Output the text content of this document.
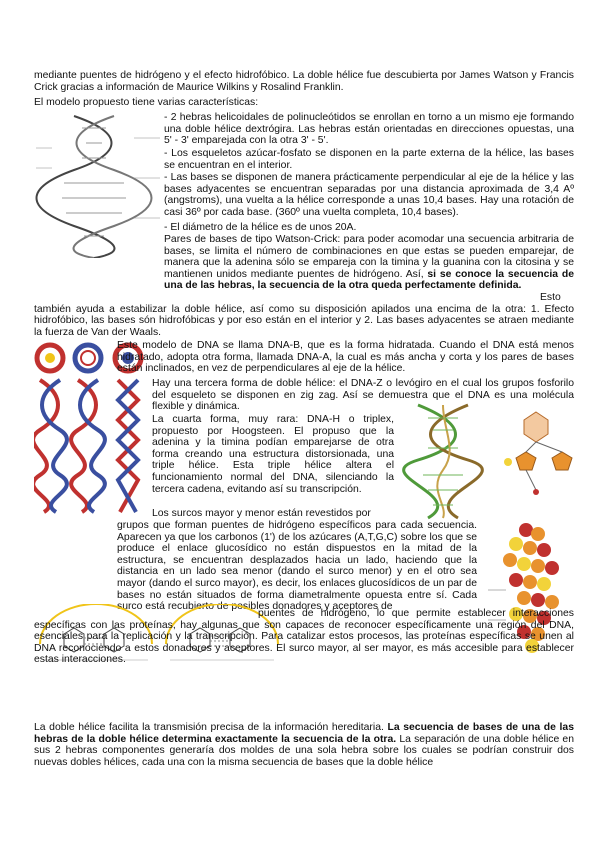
mediante puentes de hidrógeno y el efecto hidrofóbico. La doble hélice fue descubierta por James Watson y Francis Crick gracias a información de Maurice Wilkins y Rosalind Franklin.

El modelo propuesto tiene varias características:

- 2 hebras helicoidales de polinucleótidos se enrollan en torno a un mismo eje formando una doble hélice dextrógira. Las hebras están orientadas en direcciones opuestas, una 5' - 3' emparejada con la otra 3' - 5'.

- Los esqueletos azúcar-fosfato se disponen en la parte externa de la hélice, las bases se encuentran en el interior.

- Las bases se disponen de manera prácticamente perpendicular al eje de la hélice y las bases adyacentes se encuentran separadas por una distancia aproximada de 3,4 Aº (angstroms), una vuelta a la hélice corresponde a unas 10,4 bases. Hay una rotación de casi 36º por cada base. (360º una vuelta completa, 10,4 bases).

- El diámetro de la hélice es de unos 20A.

Pares de bases de tipo Watson-Crick: para poder acomodar una secuencia arbitraria de bases, se limita el número de combinaciones en que estas se pueden emparejar, de manera que la adenina sólo se empareja con la timina y la guanina con la citosina y se mantienen unidos mediante puentes de hidrógeno. Así, si se conoce la secuencia de una de las hebras, la secuencia de la otra queda perfectamente definida.

Esto también ayuda a estabilizar la doble hélice, así como su disposición apilados una encima de la otra: 1. Efecto hidrofóbico, las bases són hidrofóbicas y por eso están en el interior y 2. Las bases adyacentes se atraen mediante la fuerza de Van der Waals.

Este modelo de DNA se llama DNA-B, que es la forma hidratada. Cuando el DNA está menos hidratado, adopta otra forma, llamada DNA-A, la cual es más ancha y corta y los pares de bases están inclinados, en vez de perpendiculares al eje de la hélice.

Hay una tercera forma de doble hélice: el DNA-Z o levógiro en el cual los grupos fosforilo del esqueleto se disponen en zig zag. Así se demuestra que el DNA es una molécula flexible y dinámica.

La cuarta forma, muy rara: DNA-H o triplex, propuesto por Hoogsteen. El propuso que la adenina y la timina podían emparejarse de otra forma creando una estructura distorsionada, una triple hélice. Esta triple hélice altera el funcionamiento normal del DNA, silenciando la tercera cadena, evitando así su transcripción.

Los surcos mayor y menor están revestidos por

grupos que forman puentes de hidrógeno específicos para cada secuencia. Aparecen ya que los carbonos (1') de los azúcares (A,T,G,C) sobre los que se produce el enlace glucosídico no están dispuestos en la mitad de la estructura, se encuentran desplazados hacia un lado, haciendo que la distancia en un lado sea menor (dando el surco menor) y en el otro sea mayor (dando el surco mayor), es decir, los enlaces glucosídicos de un par de bases no están situados de forma diametralmente opuesta entre sí. Cada surco está recubierto de posibles donadores y aceptores de

puentes de hidrógeno, lo que permite establecer interacciones específicas con las proteínas, hay algunas que son capaces de reconocer específicamente una región del DNA, esenciales para la replicación y la transcripción. Para catalizar estos procesos, las proteínas específicas se unen al DNA reconociendo a estos donadores y aceptores. El surco mayor, al ser mayor, es más accesible para establecer estas interacciones.

La doble hélice facilita la transmisión precisa de la información hereditaria. La secuencia de bases de una de las hebras de la doble hélice determina exactamente la secuencia de la otra. La separación de una doble hélice en sus 2 hebras componentes generaría dos moldes de una sola hebra sobre los cuales se podrían construir dos nuevas dobles hélices, cada una con la misma secuencia de bases que la doble hélice
